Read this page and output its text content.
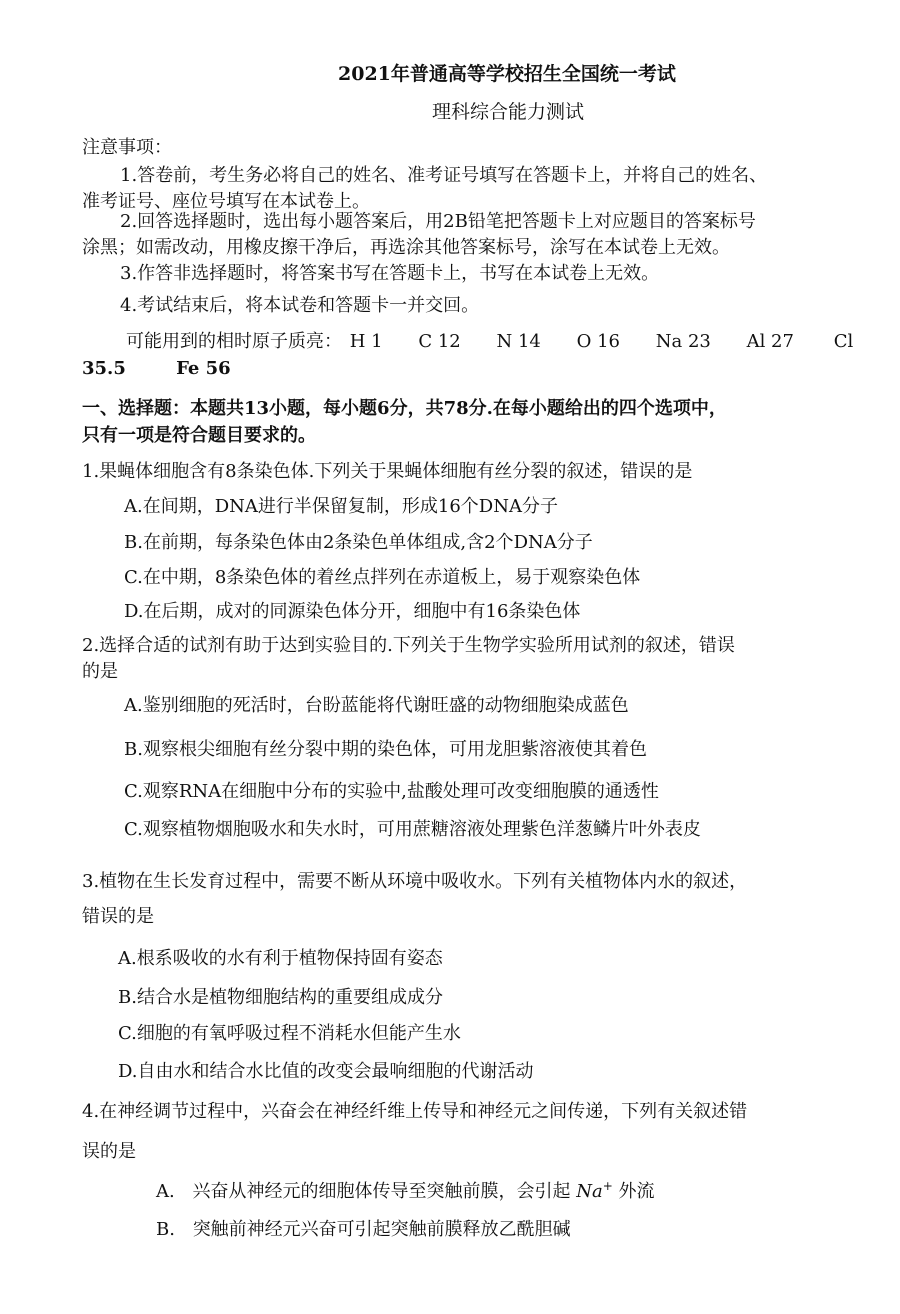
2021年普通高等学校招生全国统一考试
理科综合能力测试
注意事项：
1.答卷前，考生务必将自己的姓名、准考证号填写在答题卡上，并将自己的姓名、
准考证号、座位号填写在本试卷上。
2.回答选择题时，选出每小题答案后，用2B铅笔把答题卡上对应题目的答案标号
涂黑；如需改动，用橡皮擦干净后，再选涂其他答案标号，涂写在本试卷上无效。
3.作答非选择题时，将答案书写在答题卡上，书写在本试卷上无效。
4.考试结束后，将本试卷和答题卡一并交回。
可能用到的相时原子质亮： H 1 C 12 N 14 O 16 Na 23 Al 27 Cl
35.5	Fe 56
一、选择题：本题共13小题，每小题6分，共78分.在每小题给出的四个选项中，
只有一项是符合题目要求的。
1.果蝇体细胞含有8条染色体.下列关于果蝇体细胞有丝分裂的叙述，错误的是
A.在间期，DNA进行半保留复制，形成16个DNA分子
B.在前期，每条染色体由2条染色单体组成,含2个DNA分子
C.在中期，8条染色体的着丝点拌列在赤道板上，易于观察染色体
D.在后期，成对的同源染色体分开，细胞中有16条染色体
2.选择合适的试剂有助于达到实验目的.下列关于生物学实验所用试剂的叙述，错误
的是
A.鉴别细胞的死活时，台盼蓝能将代谢旺盛的动物细胞染成蓝色
B.观察根尖细胞有丝分裂中期的染色体，可用龙胆紫溶液使其着色
C.观察RNA在细胞中分布的实验中,盐酸处理可改变细胞膜的通透性
C.观察植物烟胞吸水和失水时，可用蔗糖溶液处理紫色洋葱鳞片叶外表皮
3.植物在生长发育过程中，需要不断从环境中吸收水。下列有关植物体内水的叙述，
错误的是
A.根系吸收的水有利于植物保持固有姿态
B.结合水是植物细胞结构的重要组成成分
C.细胞的有氧呼吸过程不消耗水但能产生水
D.自由水和结合水比值的改变会最响细胞的代谢活动
4.在神经调节过程中，兴奋会在神经纤维上传导和神经元之间传递，下列有关叙述错
误的是
A. 兴奋从神经元的细胞体传导至突触前膜，会引起 Na+ 外流
B. 突触前神经元兴奋可引起突触前膜释放乙酰胆碱
